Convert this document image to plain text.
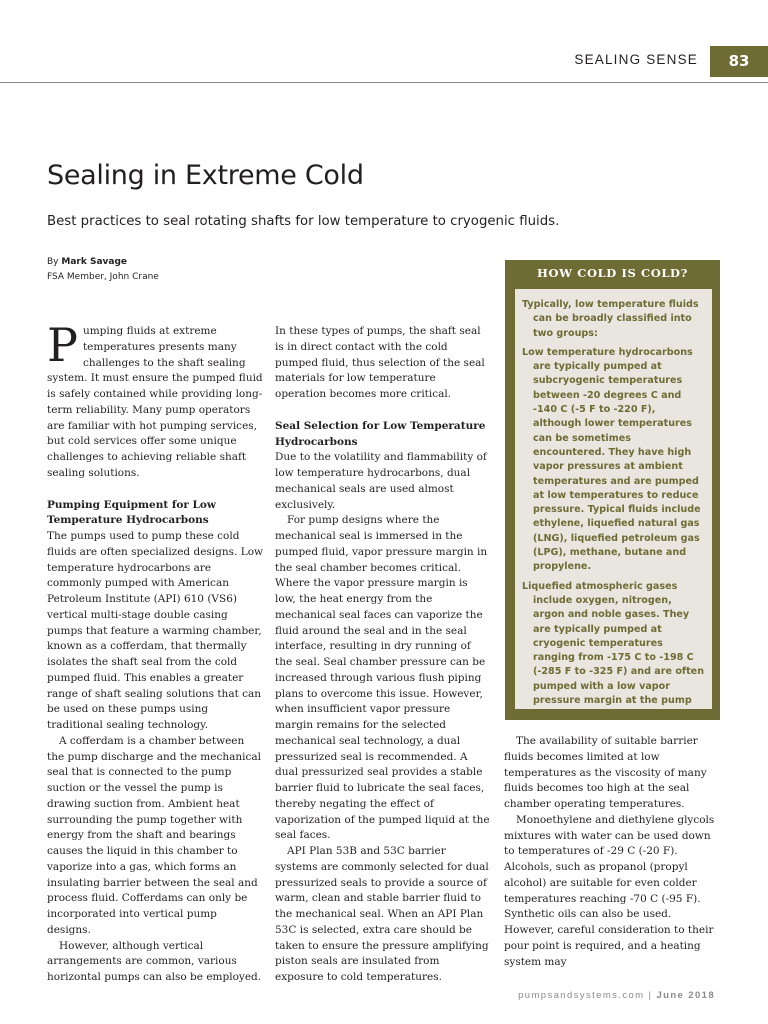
SEALING SENSE	83
Sealing in Extreme Cold
Best practices to seal rotating shafts for low temperature to cryogenic fluids.
By Mark Savage
FSA Member, John Crane

Pumping fluids at extreme temperatures presents many challenges to the shaft sealing system. It must ensure the pumped fluid is safely contained while providing long-term reliability. Many pump operators are familiar with hot pumping services, but cold services offer some unique challenges to achieving reliable shaft sealing solutions.

Pumping Equipment for Low Temperature Hydrocarbons

The pumps used to pump these cold fluids are often specialized designs. Low temperature hydrocarbons are commonly pumped with American Petroleum Institute (API) 610 (VS6) vertical multi-stage double casing pumps that feature a warming chamber, known as a cofferdam, that thermally isolates the shaft seal from the cold pumped fluid. This enables a greater range of shaft sealing solutions that can be used on these pumps using traditional sealing technology.

A cofferdam is a chamber between the pump discharge and the mechanical seal that is connected to the pump suction or the vessel the pump is drawing suction from. Ambient heat surrounding the pump together with energy from the shaft and bearings causes the liquid in this chamber to vaporize into a gas, which forms an insulating barrier between the seal and process fluid. Cofferdams can only be incorporated into vertical pump designs.

However, although vertical arrangements are common, various horizontal pumps can also be employed.

In these types of pumps, the shaft seal is in direct contact with the cold pumped fluid, thus selection of the seal materials for low temperature operation becomes more critical.

Seal Selection for Low Temperature Hydrocarbons

Due to the volatility and flammability of low temperature hydrocarbons, dual mechanical seals are used almost exclusively.

For pump designs where the mechanical seal is immersed in the pumped fluid, vapor pressure margin in the seal chamber becomes critical. Where the vapor pressure margin is low, the heat energy from the mechanical seal faces can vaporize the fluid around the seal and in the seal interface, resulting in dry running of the seal. Seal chamber pressure can be increased through various flush piping plans to overcome this issue. However, when insufficient vapor pressure margin remains for the selected mechanical seal technology, a dual pressurized seal is recommended. A dual pressurized seal provides a stable barrier fluid to lubricate the seal faces, thereby negating the effect of vaporization of the pumped liquid at the seal faces.

API Plan 53B and 53C barrier systems are commonly selected for dual pressurized seals to provide a source of warm, clean and stable barrier fluid to the mechanical seal. When an API Plan 53C is selected, extra care should be taken to ensure the pressure amplifying piston seals are insulated from exposure to cold temperatures.

HOW COLD IS COLD?

Typically, low temperature fluids can be broadly classified into two groups:

Low temperature hydrocarbons are typically pumped at subcryogenic temperatures between -20 degrees C and -140 C (-5 F to -220 F), although lower temperatures can be sometimes encountered. They have high vapor pressures at ambient temperatures and are pumped at low temperatures to reduce pressure. Typical fluids include ethylene, liquefied natural gas (LNG), liquefied petroleum gas (LPG), methane, butane and propylene.

Liquefied atmospheric gases include oxygen, nitrogen, argon and noble gases. They are typically pumped at cryogenic temperatures ranging from -175 C to -198 C (-285 F to -325 F) and are often pumped with a low vapor pressure margin at the pump suction.

The availability of suitable barrier fluids becomes limited at low temperatures as the viscosity of many fluids becomes too high at the seal chamber operating temperatures.

Monoethylene and diethylene glycols mixtures with water can be used down to temperatures of -29 C (-20 F). Alcohols, such as propanol (propyl alcohol) are suitable for even colder temperatures reaching -70 C (-95 F). Synthetic oils can also be used. However, careful consideration to their pour point is required, and a heating system may

pumpsandsystems.com | June 2018
